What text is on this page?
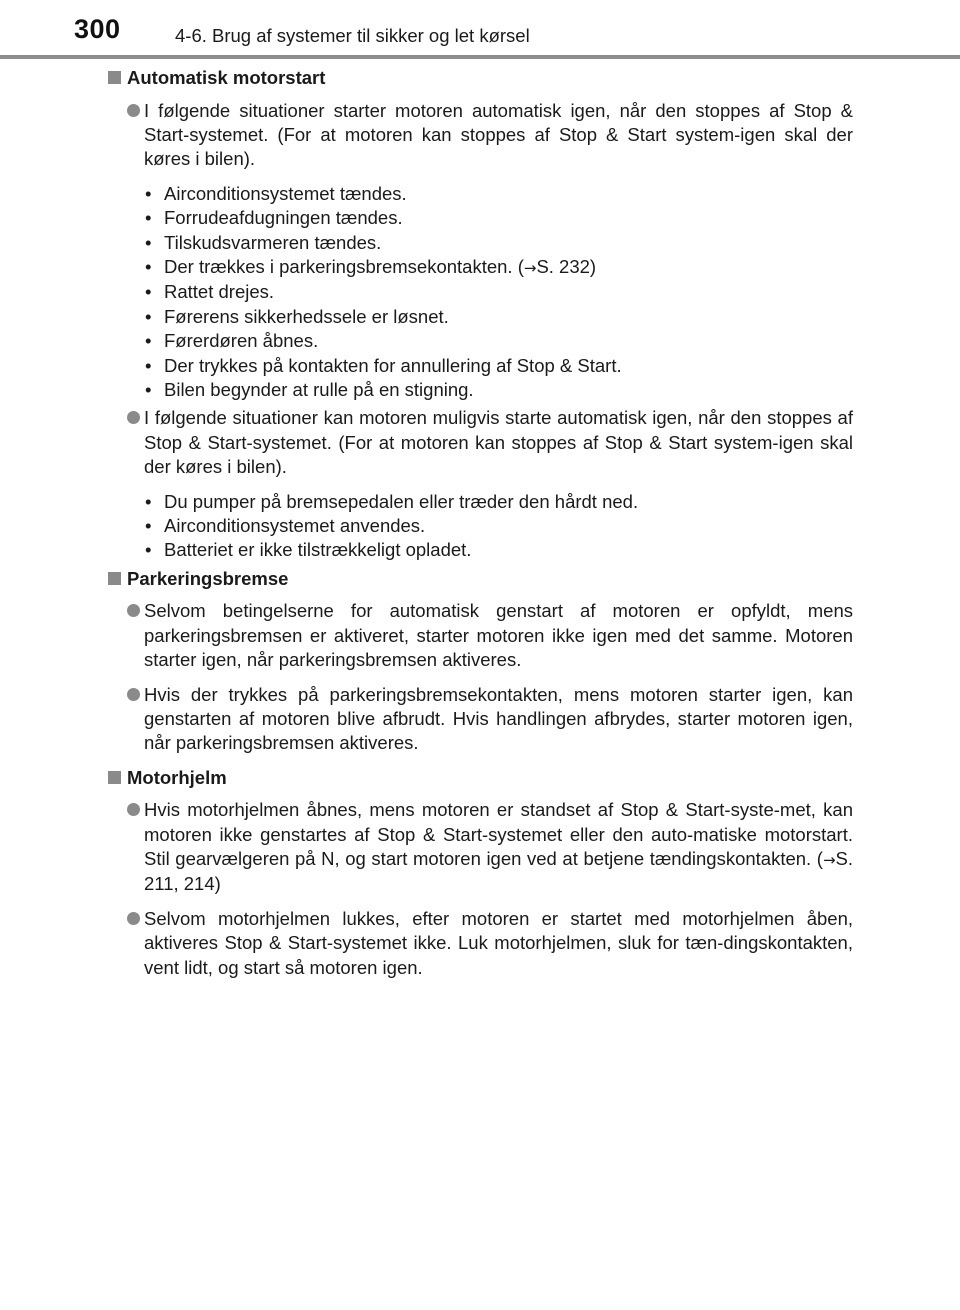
300	4-6. Brug af systemer til sikker og let kørsel
Automatisk motorstart
I følgende situationer starter motoren automatisk igen, når den stoppes af Stop & Start-systemet. (For at motoren kan stoppes af Stop & Start system-igen skal der køres i bilen).
• Airconditionsystemet tændes.
• Forrudeafdugningen tændes.
• Tilskudsvarmeren tændes.
• Der trækkes i parkeringsbremsekontakten. (→S. 232)
• Rattet drejes.
• Førerens sikkerhedssele er løsnet.
• Førerdøren åbnes.
• Der trykkes på kontakten for annullering af Stop & Start.
• Bilen begynder at rulle på en stigning.
I følgende situationer kan motoren muligvis starte automatisk igen, når den stoppes af Stop & Start-systemet. (For at motoren kan stoppes af Stop & Start system-igen skal der køres i bilen).
• Du pumper på bremsepedalen eller træder den hårdt ned.
• Airconditionsystemet anvendes.
• Batteriet er ikke tilstrækkeligt opladet.
Parkeringsbremse
Selvom betingelserne for automatisk genstart af motoren er opfyldt, mens parkeringsbremsen er aktiveret, starter motoren ikke igen med det samme. Motoren starter igen, når parkeringsbremsen aktiveres.
Hvis der trykkes på parkeringsbremsekontakten, mens motoren starter igen, kan genstarten af motoren blive afbrudt. Hvis handlingen afbrydes, starter motoren igen, når parkeringsbremsen aktiveres.
Motorhjelm
Hvis motorhjelmen åbnes, mens motoren er standset af Stop & Start-syste-met, kan motoren ikke genstartes af Stop & Start-systemet eller den auto-matiske motorstart. Stil gearvælgeren på N, og start motoren igen ved at betjene tændingskontakten. (→S. 211, 214)
Selvom motorhjelmen lukkes, efter motoren er startet med motorhjelmen åben, aktiveres Stop & Start-systemet ikke. Luk motorhjelmen, sluk for tæn-dingskontakten, vent lidt, og start så motoren igen.
